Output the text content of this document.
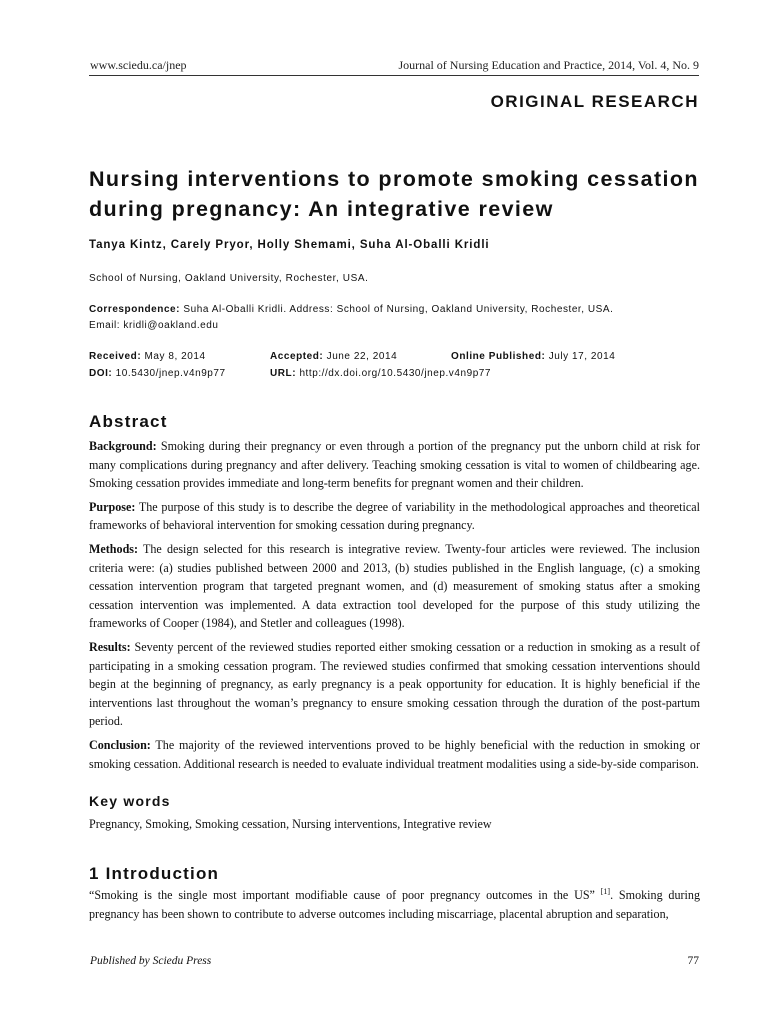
www.sciedu.ca/jnep	Journal of Nursing Education and Practice, 2014, Vol. 4, No. 9
ORIGINAL RESEARCH
Nursing interventions to promote smoking cessation during pregnancy: An integrative review
Tanya Kintz, Carely Pryor, Holly Shemami, Suha Al-Oballi Kridli
School of Nursing, Oakland University, Rochester, USA.
Correspondence: Suha Al-Oballi Kridli. Address: School of Nursing, Oakland University, Rochester, USA.
Email: kridli@oakland.edu
Received: May 8, 2014	Accepted: June 22, 2014	Online Published: July 17, 2014
DOI: 10.5430/jnep.v4n9p77	URL: http://dx.doi.org/10.5430/jnep.v4n9p77
Abstract

Background: Smoking during their pregnancy or even through a portion of the pregnancy put the unborn child at risk for many complications during pregnancy and after delivery. Teaching smoking cessation is vital to women of childbearing age. Smoking cessation provides immediate and long-term benefits for pregnant women and their children.

Purpose: The purpose of this study is to describe the degree of variability in the methodological approaches and theoretical frameworks of behavioral intervention for smoking cessation during pregnancy.

Methods: The design selected for this research is integrative review. Twenty-four articles were reviewed. The inclusion criteria were: (a) studies published between 2000 and 2013, (b) studies published in the English language, (c) a smoking cessation intervention program that targeted pregnant women, and (d) measurement of smoking status after a smoking cessation intervention was implemented. A data extraction tool developed for the purpose of this study utilizing the frameworks of Cooper (1984), and Stetler and colleagues (1998).

Results: Seventy percent of the reviewed studies reported either smoking cessation or a reduction in smoking as a result of participating in a smoking cessation program. The reviewed studies confirmed that smoking cessation interventions should begin at the beginning of pregnancy, as early pregnancy is a peak opportunity for education. It is highly beneficial if the interventions last throughout the woman’s pregnancy to ensure smoking cessation through the duration of the post-partum period.

Conclusion: The majority of the reviewed interventions proved to be highly beneficial with the reduction in smoking or smoking cessation. Additional research is needed to evaluate individual treatment modalities using a side-by-side comparison.

Key words
Pregnancy, Smoking, Smoking cessation, Nursing interventions, Integrative review
1 Introduction
“Smoking is the single most important modifiable cause of poor pregnancy outcomes in the US” [1]. Smoking during pregnancy has been shown to contribute to adverse outcomes including miscarriage, placental abruption and separation,
Published by Sciedu Press	77
